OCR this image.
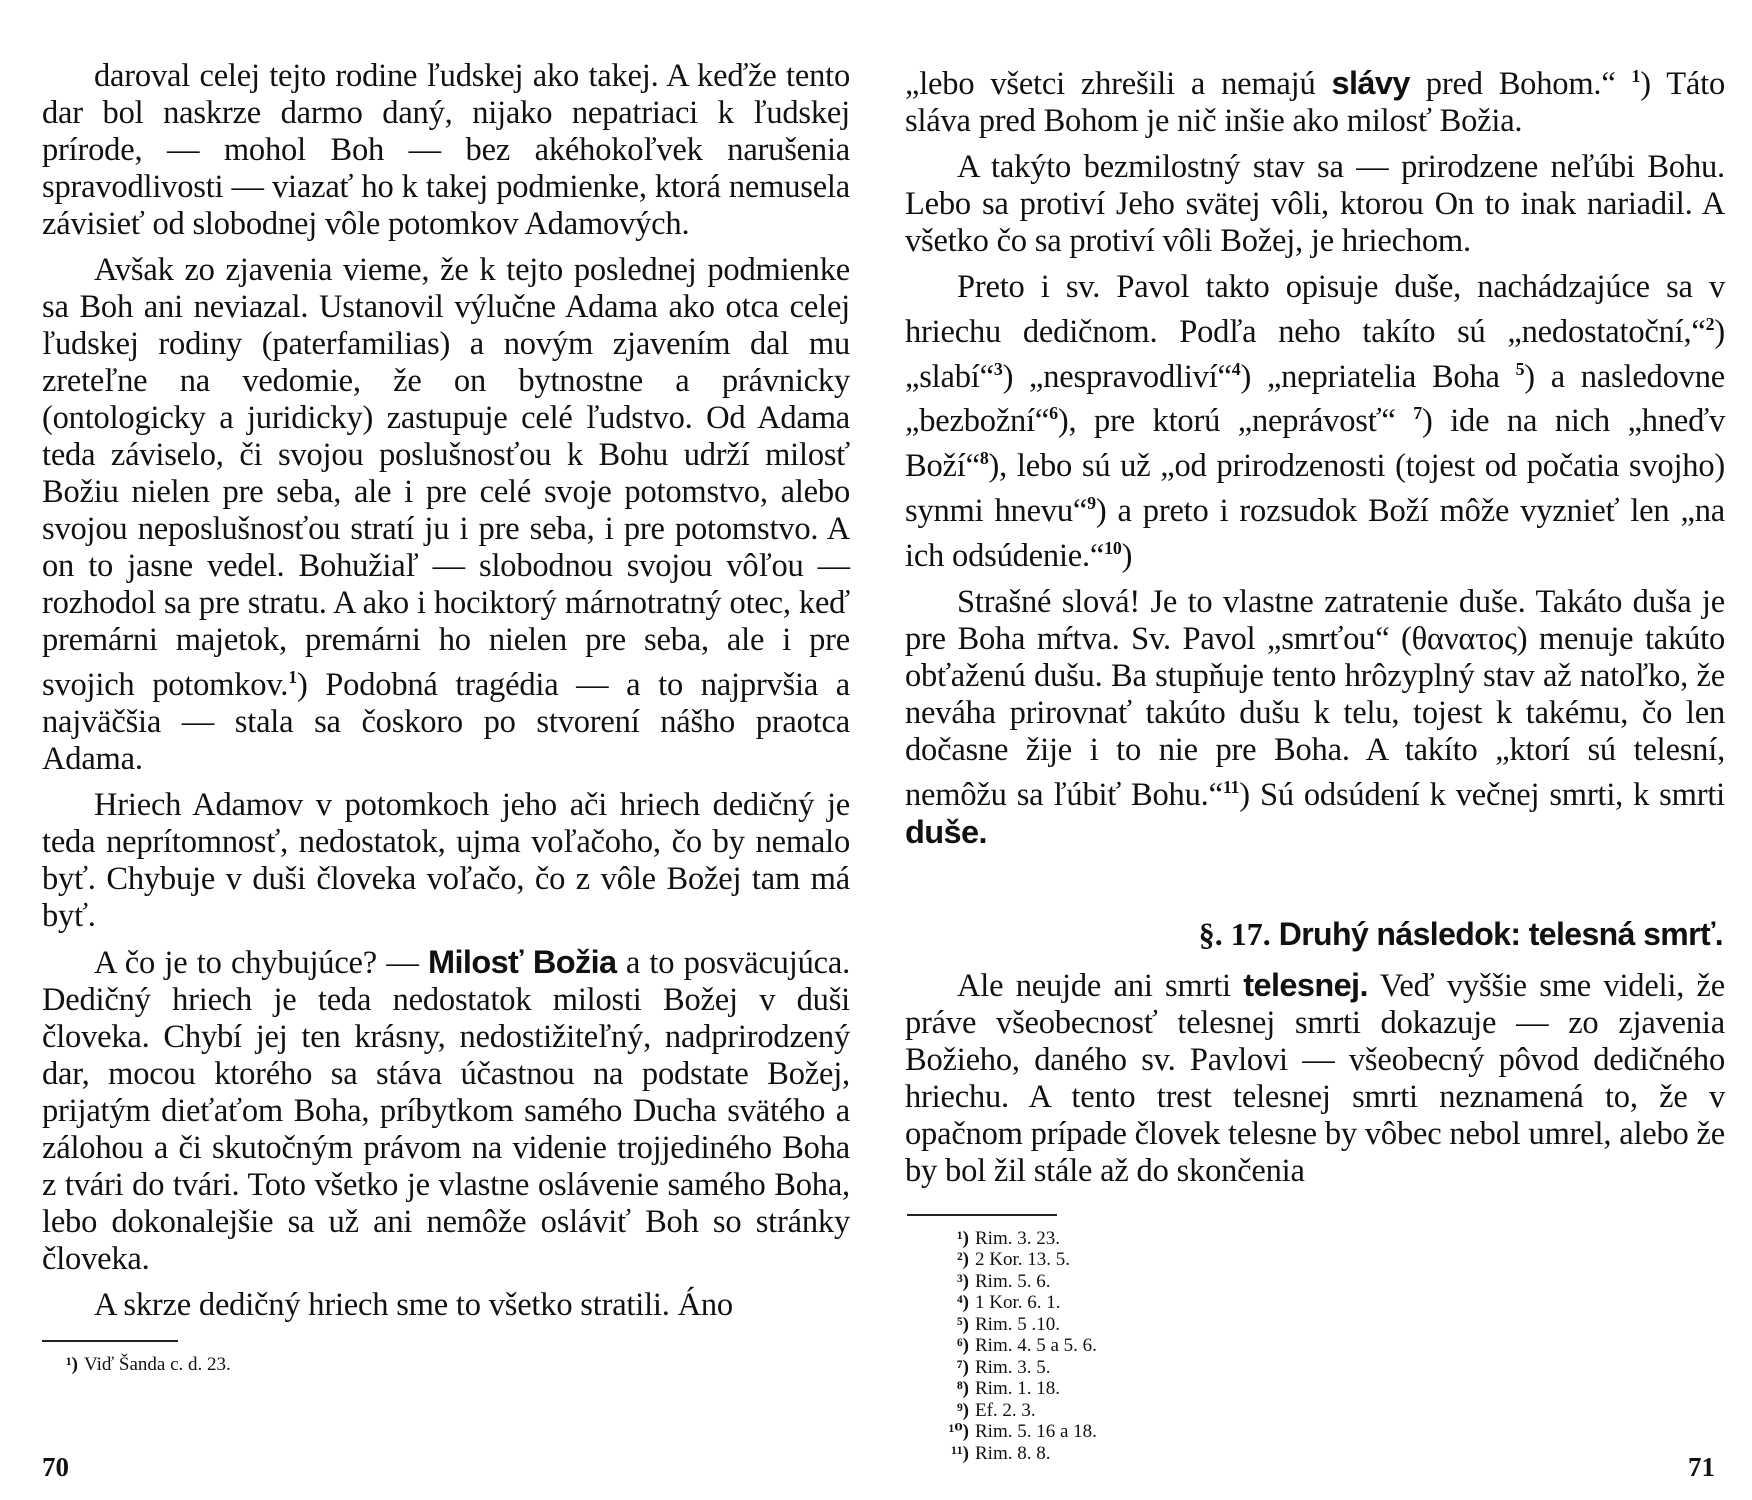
daroval celej tejto rodine ľudskej ako takej. A keďže tento dar bol naskrze darmo daný, nijako nepatriaci k ľudskej prírode, — mohol Boh — bez akéhokoľvek narušenia spravodlivosti — viazať ho k takej podmienke, ktorá nemusela závisieť od slobodnej vôle potomkov Adamových.

Avšak zo zjavenia vieme, že k tejto poslednej podmienke sa Boh ani neviazal. Ustanovil výlučne Adama ako otca celej ľudskej rodiny (paterfamilias) a novým zjavením dal mu zreteľne na vedomie, že on bytnostne a právnicky (ontologicky a juridicky) zastupuje celé ľudstvo. Od Adama teda záviselo, či svojou poslušnosťou k Bohu udrží milosť Božiu nielen pre seba, ale i pre celé svoje potomstvo, alebo svojou neposlušnosťou stratí ju i pre seba, i pre potomstvo. A on to jasne vedel. Bohužiaľ — slobodnou svojou vôľou — rozhodol sa pre stratu. A ako i hociktorý márnotratný otec, keď premárni majetok, premárni ho nielen pre seba, ale i pre svojich potomkov.$^1$) Podobná tragédia — a to najprvšia a najväčšia — stala sa čoskoro po stvorení nášho praotca Adama.

Hriech Adamov v potomkoch jeho ači hriech dedičný je teda neprítomnosť, nedostatok, ujma voľačoho, čo by nemalo byť. Chybuje v duši človeka voľačo, čo z vôle Božej tam má byť.

A čo je to chybujúce? — Milosť Božia a to posväcujúca. Dedičný hriech je teda nedostatok milosti Božej v duši človeka. Chybí jej ten krásny, nedostižiteľný, nadprirodzený dar, mocou ktorého sa stáva účastnou na podstate Božej, prijatým dieťaťom Boha, príbytkom samého Ducha svätého a zálohou a či skutočným právom na videnie trojjediného Boha z tvári do tvári. Toto všetko je vlastne oslávenie samého Boha, lebo dokonalejšie sa už ani nemôže osláviť Boh so stránky človeka.

A skrze dedičný hriech sme to všetko stratili. Áno

¹) Viď Šanda c. d. 23.

„lebo všetci zhrešili a nemajú slávy pred Bohom.“ $^1$) Táto sláva pred Bohom je nič inšie ako milosť Božia.

A takýto bezmilostný stav sa — prirodzene neľúbi Bohu. Lebo sa protiví Jeho svätej vôli, ktorou On to inak nariadil. A všetko čo sa protiví vôli Božej, je hriechom.

Preto i sv. Pavol takto opisuje duše, nachádzajúce sa v hriechu dedičnom. Podľa neho takíto sú „nedostatoční,“$^2$) „slabí“$^3$) „nespravodliví“$^4$) „nepriatelia Boha $^5$) a nasledovne „bezbožní“$^6$), pre ktorú „neprávosť“ $^7$) ide na nich „hneďv Boží“$^8$), lebo sú už „od prirodzenosti (tojest od počatia svojho) synmi hnevu“$^9$) a preto i rozsudok Boží môže vyznieť len „na ich odsúdenie.“$^{10}$)

Strašné slová! Je to vlastne zatratenie duše. Takáto duša je pre Boha mŕtva. Sv. Pavol „smrťou“ (θανατος) menuje takúto obťaženú dušu. Ba stupňuje tento hrôzyplný stav až natoľko, že neváha prirovnať takúto dušu k telu, tojest k takému, čo len dočasne žije i to nie pre Boha. A takíto „ktorí sú telesní, nemôžu sa ľúbiť Bohu.“$^{11}$) Sú odsúdení k večnej smrti, k smrti duše.

§. 17. Druhý následok: telesná smrť.

Ale neujde ani smrti telesnej. Veď vyššie sme videli, že práve všeobecnosť telesnej smrti dokazuje — zo zjavenia Božieho, daného sv. Pavlovi — všeobecný pôvod dedičného hriechu. A tento trest telesnej smrti neznamená to, že v opačnom prípade človek telesne by vôbec nebol umrel, alebo že by bol žil stále až do skončenia

¹) Rim. 3. 23.
²) 2 Kor. 13. 5.
³) Rim. 5. 6.
⁴) 1 Kor. 6. 1.
⁵) Rim. 5 .10.
⁶) Rim. 4. 5 a 5. 6.
⁷) Rim. 3. 5.
⁸) Rim. 1. 18.
⁹) Ef. 2. 3.
¹⁰) Rim. 5. 16 a 18.
¹¹) Rim. 8. 8.
70	71
